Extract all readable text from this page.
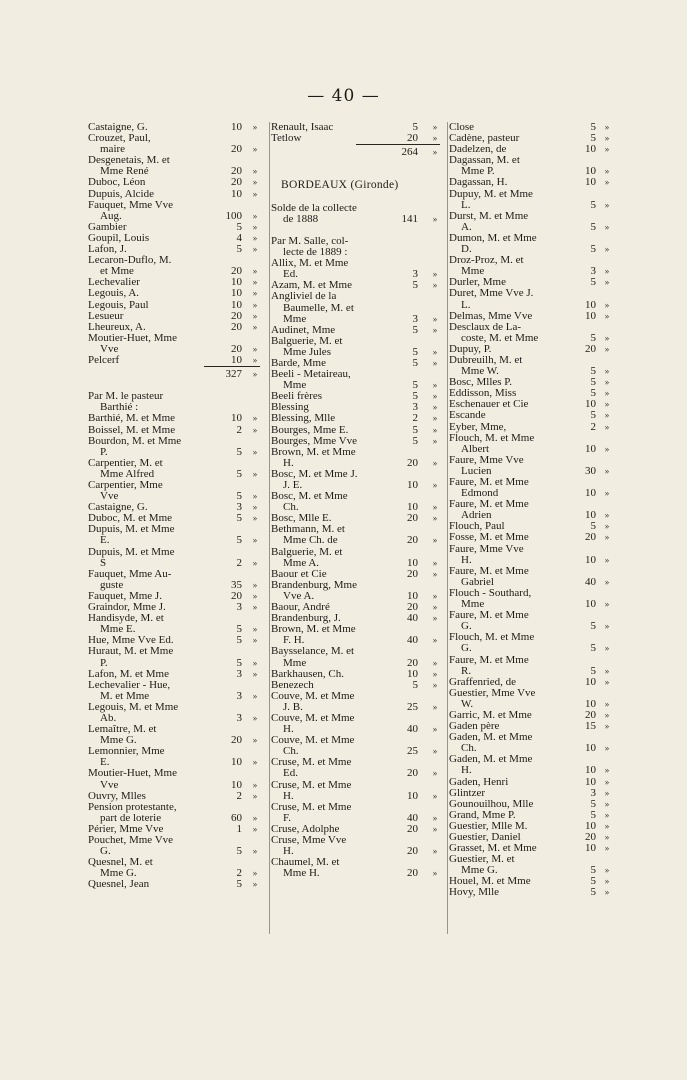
— 40 —
Castaigne, G.	10	»
Crouzet, Paul,
maire	20	»
Desgenetais, M. et
Mme René	20	»
Duboc, Léon	20	»
Dupuis, Alcide	10	»
Fauquet, Mme Vve
Aug.	100	»
Gambier	5	»
Goupil, Louis	4	»
Lafon, J.	5	»
Lecaron-Duflo, M.
et Mme	20	»
Lechevalier	10	»
Legouis, A.	10	»
Legouis, Paul	10	»
Lesueur	20	»
Lheureux, A.	20	»
Moutier-Huet, Mme
Vve	20	»
Pelcerf	10	»
327	»
Par M. le pasteur
Barthié :
Barthié, M. et Mme	10	»
Boissel, M. et Mme	2	»
Bourdon, M. et Mme
P.	5	»
Carpentier, M. et
Mme Alfred	5	»
Carpentier, Mme
Vve	5	»
Castaigne, G.	3	»
Duboc, M. et Mme	5	»
Dupuis, M. et Mme
E.	5	»
Dupuis, M. et Mme
S	2	»
Fauquet, Mme Au-
guste	35	»
Fauquet, Mme J.	20	»
Graindor, Mme J.	3	»
Handisyde, M. et
Mme E.	5	»
Hue, Mme Vve Ed.	5	»
Huraut, M. et Mme
P.	5	»
Lafon, M. et Mme	3	»
Lechevalier - Hue,
M. et Mme	3	»
Legouis, M. et Mme
Ab.	3	»
Lemaître, M. et
Mme G.	20	»
Lemonnier, Mme
E.	10	»
Moutier-Huet, Mme
Vve	10	»
Ouvry, Mlles	2	»
Pension protestante,
part de loterie	60	»
Périer, Mme Vve	1	»
Pouchet, Mme Vve
G.	5	»
Quesnel, M. et
Mme G.	2	»
Quesnel, Jean	5	»
Renault, Isaac	5	»
Tetlow	20	»
264	»
BORDEAUX (Gironde)
Solde de la collecte
de 1888	141	»
Par M. Salle, col-
lecte de 1889 :
Allix, M. et Mme
Ed.	3	»
Azam, M. et Mme	5	»
Angliviel de la
Baumelle, M. et
Mme	3	»
Audinet, Mme	5	»
Balguerie, M. et
Mme Jules	5	»
Barde, Mme	5	»
Beeli - Metaireau,
Mme	5	»
Beeli frères	5	»
Blessing	3	»
Blessing, Mlle	2	»
Bourges, Mme E.	5	»
Bourges, Mme Vve	5	»
Brown, M. et Mme
H.	20	»
Bosc, M. et Mme J.
J. E.	10	»
Bosc, M. et Mme
Ch.	10	»
Bosc, Mlle E.	20	»
Bethmann, M. et
Mme Ch. de	20	»
Balguerie, M. et
Mme A.	10	»
Baour et Cie	20	»
Brandenburg, Mme
Vve A.	10	»
Baour, André	20	»
Brandenburg, J.	40	»
Brown, M. et Mme
F. H.	40	»
Baysselance, M. et
Mme	20	»
Barkhausen, Ch.	10	»
Benezech	5	»
Couve, M. et Mme
J. B.	25	»
Couve, M. et Mme
H.	40	»
Couve, M. et Mme
Ch.	25	»
Cruse, M. et Mme
Ed.	20	»
Cruse, M. et Mme
H.	10	»
Cruse, M. et Mme
F.	40	»
Cruse, Adolphe	20	»
Cruse, Mme Vve
H.	20	»
Chaumel, M. et
Mme H.	20	»
Close	5 »
Cadène, pasteur	5 »
Dadelzen, de	10 »
Dagassan, M. et
Mme P.	10 »
Dagassan, H.	10 »
Dupuy, M. et Mme
L.	5 »
Durst, M. et Mme
A.	5 »
Dumon, M. et Mme
D.	5 »
Droz-Proz, M. et
Mme	3 »
Durler, Mme	5 »
Duret, Mme Vve J.
L.	10 »
Delmas, Mme Vve	10 »
Desclaux de La-
coste, M. et Mme	5 »
Dupuy, P.	20 »
Dubreuilh, M. et
Mme W.	5 »
Bosc, Mlles P.	5 »
Eddisson, Miss	5 »
Eschenauer et Cie	10 »
Escande	5 »
Eyber, Mme,	2 »
Flouch, M. et Mme
Albert	10 »
Faure, Mme Vve
Lucien	30 »
Faure, M. et Mme
Edmond	10 »
Faure, M. et Mme
Adrien	10 »
Flouch, Paul	5 »
Fosse, M. et Mme	20 »
Faure, Mme Vve
H.	10 »
Faure, M. et Mme
Gabriel	40 »
Flouch - Southard,
Mme	10 »
Faure, M. et Mme
G.	5 »
Flouch, M. et Mme
G.	5 »
Faure, M. et Mme
R.	5 »
Graffenried, de	10 »
Guestier, Mme Vve
W.	10 »
Garric, M. et Mme	20 »
Gaden père	15 »
Gaden, M. et Mme
Ch.	10 »
Gaden, M. et Mme
H.	10 »
Gaden, Henri	10 »
Glintzer	3 »
Gounouilhou, Mlle	5 »
Grand, Mme P.	5 »
Guestier, Mlle M.	10 »
Guestier, Daniel	20 »
Grasset, M. et Mme	10 »
Guestier, M. et
Mme G.	5 »
Houel, M. et Mme	5 »
Hovy, Mlle	5 »
